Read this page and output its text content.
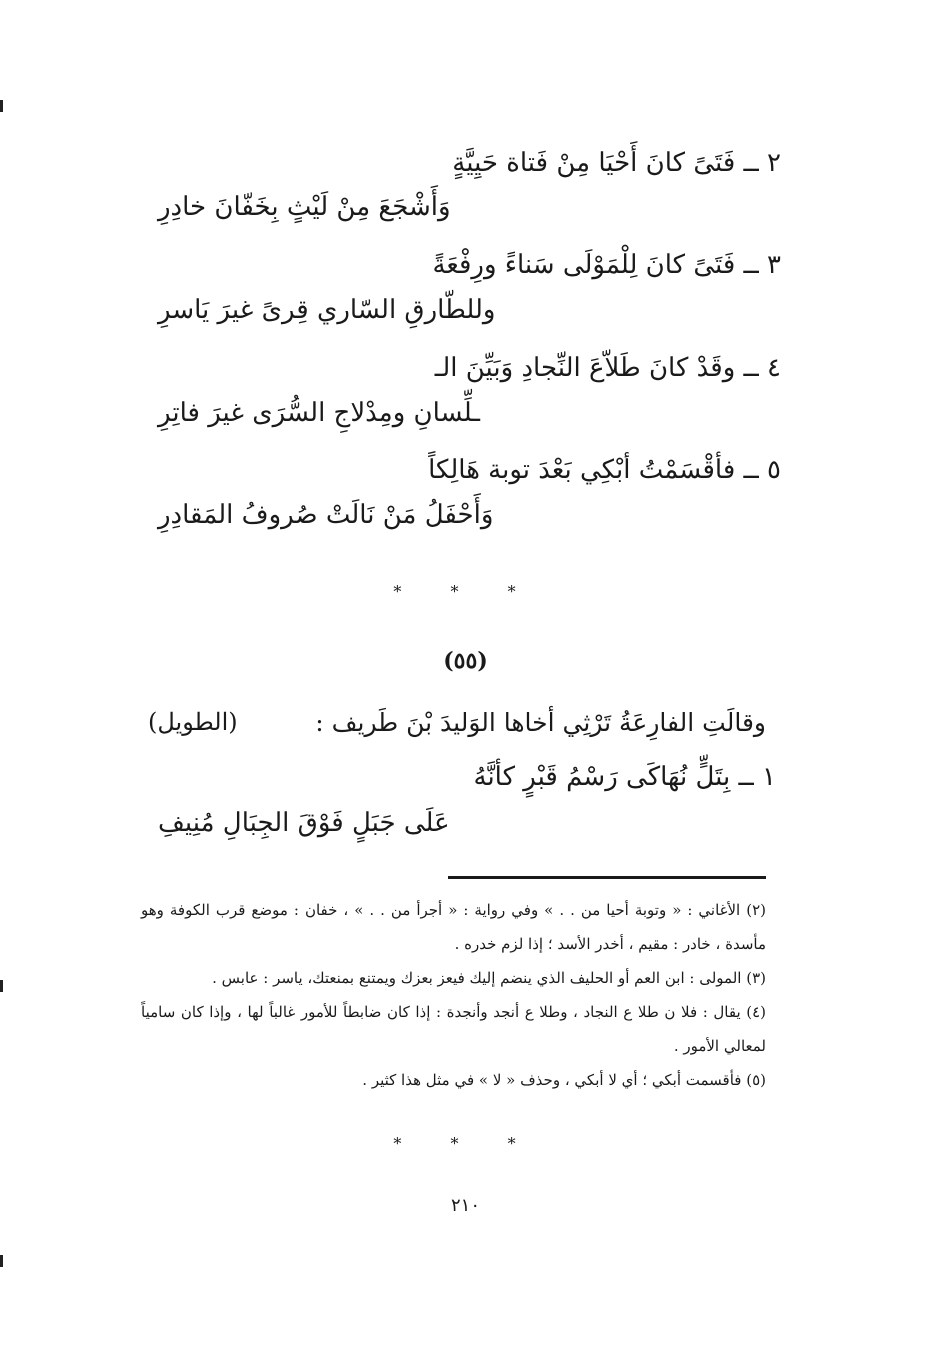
٢ ــ فَتَىً كانَ أَحْيَا مِنْ فَتاة حَيِيَّةٍ
وَأَشْجَعَ مِنْ لَيْثٍ بِخَفّانَ خادِرِ
٣ ــ فَتَىً كانَ لِلْمَوْلَى سَناءً ورِفْعَةً
وللطّارقِ السّاري قِرىً غيرَ يَاسرِ
٤ ــ وقَدْ كانَ طَلاّعَ النِّجادِ وَبَيِّنَ الـ
ـلِّسانِ ومِدْلاجِ السُّرَى غيرَ فاتِرِ
٥ ــ فأقْسَمْتُ أبْكِي بَعْدَ توبة هَالِكاً
وَأَحْفَلُ مَنْ نَالَتْ صُروفُ المَقادِرِ
* * *
(٥٥)
وقالَتِ الفارِعَةُ تَرْثِي أخاها الوَليدَ بْنَ طَريف :
(الطويل)
١ ــ بِتَلٍّ نُهَاكَى رَسْمُ قَبْرٍ كأنَّهُ
عَلَى جَبَلٍ فَوْقَ الجِبَالِ مُنِيفِ

(٢) الأغاني : « وتوبة أحيا من . . » وفي رواية : « أجرأ من . . » ، خفان : موضع قرب الكوفة وهو مأسدة ، خادر : مقيم ، أخدر الأسد ؛ إذا لزم خدره .

(٣) المولى : ابن العم أو الحليف الذي ينضم إليك فيعز بعزك ويمتنع بمنعتك، ياسر : عابس .

(٤) يقال : فلا ن طلا ع النجاد ، وطلا ع أنجد وأنجدة : إذا كان ضابطاً للأمور غالباً لها ، وإذا كان سامياً لمعالي الأمور .

(٥) فأقسمت أبكي ؛ أي لا أبكي ، وحذف « لا » في مثل هذا كثير .

* * *
٢١٠
